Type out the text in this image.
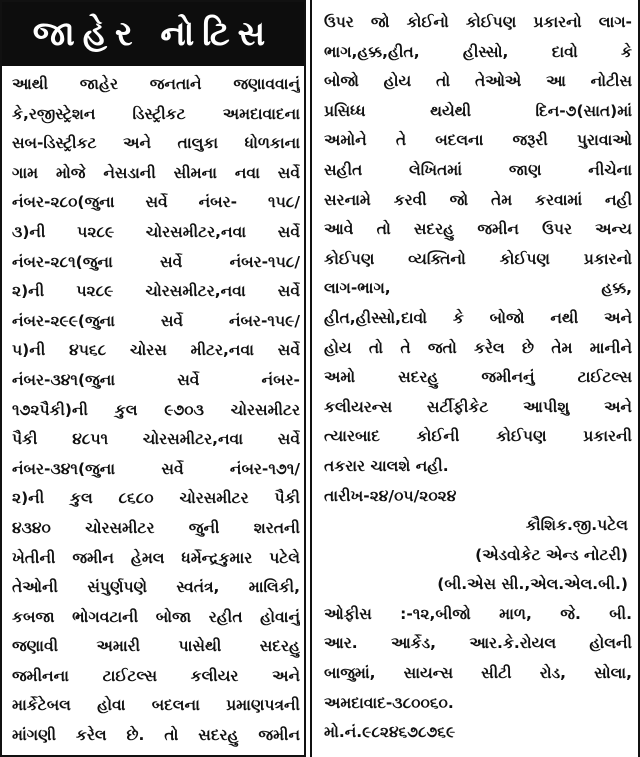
જાહેર નોટિસ
આથી જાહેર જનતાને જણાવવાનું
કે,રજીસ્ટ્રેશન ડિસ્ટ્રીકટ અમદાવાદના
સબ-ડિસ્ટ્રીકટ અને તાલુકા ધોળકાના
ગામ મોજે નેસડાની સીમના નવા સર્વે
નંબર-૨૮૦(જુના સર્વે નંબર- ૧૫૮/
૩)ની ૫૨૮૯ ચોરસમીટર,નવા સર્વે
નંબર-૨૮૧(જુના સર્વે નંબર-૧૫૮/
૨)ની ૫૨૮૯ ચોરસમીટર,નવા સર્વે
નંબર-૨૯૯(જુના સર્વે નંબર-૧૫૯/
૫)ની ૪૫૬૮ ચોરસ મીટર,નવા સર્વે
નંબર-૩૪૧(જુના સર્વે નંબર-
૧૭૨પૈકી)ની કુલ ૯૭૦૩ ચોરસમીટર
પૈકી ૪૮૫૧ ચોરસમીટર,નવા સર્વે
નંબર-૩૪૧(જુના સર્વે નંબર-૧૭૧/
૨)ની કુલ ૮૬૮૦ ચોરસમીટર પૈકી
૪૩૪૦ ચોરસમીટર જુની શરતની
ખેતીની જમીન હેમલ ધર્મેન્દ્રકુમાર પટેલે
તેઓની સંપુર્ણપણે સ્વતંત્ર, માલિકી,
કબજા ભોગવટાની બોજા રહીત હોવાનું
જણાવી અમારી પાસેથી સદરહુ
જમીનના ટાઈટલ્સ કલીયર અને
માર્કેટેબલ હોવા બદલના પ્રમાણપત્રની
માંગણી કરેલ છે. તો સદરહુ જમીન
ઉપર જો કોઈનો કોઈપણ પ્રકારનો લાગ-
ભાગ,હક્ક,હીત, હીસ્સો, દાવો કે
બોજો હોય તો તેઓએ આ નોટીસ
પ્રસિધ્ધ થયેથી દિન-૭(સાત)માં
અમોને તે બદલના જરૂરી પુરાવાઓ
સહીત લેખિતમાં જાણ નીચેના
સરનામે કરવી જો તેમ કરવામાં નહી
આવે તો સદરહુ જમીન ઉપર અન્ય
કોઈપણ વ્યક્તિનો કોઈપણ પ્રકારનો
લાગ-ભાગ, હક્ક,
હીત,હીસ્સો,દાવો કે બોજો નથી અને
હોય તો તે જતો કરેલ છે તેમ માનીને
અમો સદરહુ જમીનનું ટાઈટલ્સ
કલીયરન્સ સર્ટીફીકેટ આપીશુ અને
ત્યારબાદ કોઈની કોઈપણ પ્રકારની
તકરાર ચાલશે નહી.
તારીખ-૨૪/૦૫/૨૦૨૪
કૌશિક.જી.પટેલ
(એડવોકેટ એન્ડ નોટરી)
(બી.એસ સી.,એલ.એલ.બી.)
ઓફીસ :-૧૨,બીજો માળ, જે. બી.
આર. આર્કેડ, આર.કે.રોયલ હોલની
બાજુમાં, સાયન્સ સીટી રોડ, સોલા,
અમદાવાદ-૩૮૦૦૬૦.
મો.નં.૯૮૨૪૬૭૮૭૬૯
